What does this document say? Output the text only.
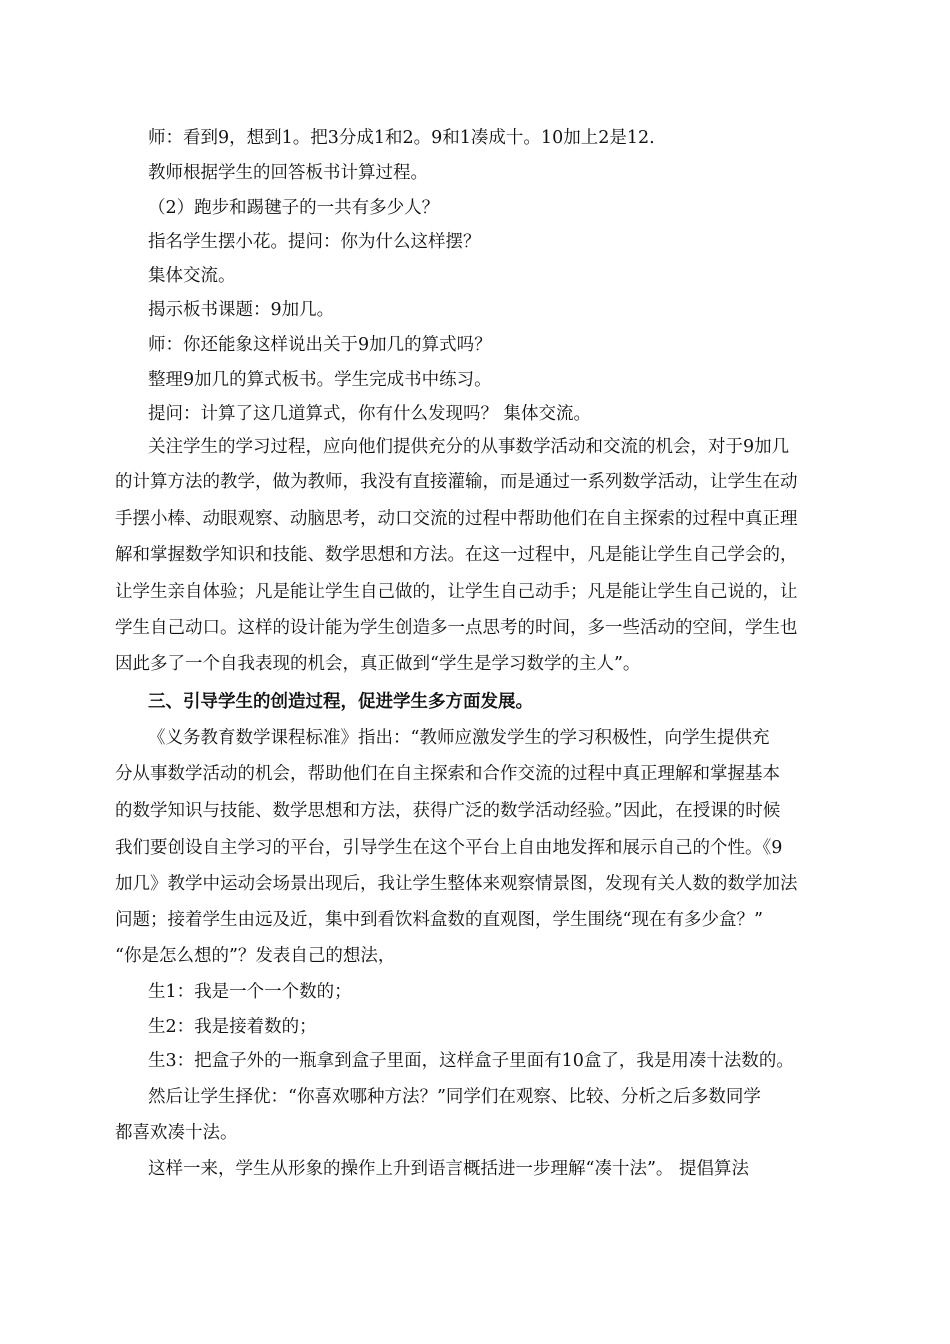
师：看到9，想到1。把3分成1和2。9和1凑成十。10加上2是12.
教师根据学生的回答板书计算过程。
（2）跑步和踢毽子的一共有多少人？
指名学生摆小花。提问：你为什么这样摆？
集体交流。
揭示板书课题：9加几。
师：你还能象这样说出关于9加几的算式吗？
整理9加几的算式板书。学生完成书中练习。
提问：计算了这几道算式，你有什么发现吗？ 集体交流。
关注学生的学习过程，应向他们提供充分的从事数学活动和交流的机会，对于9加几
的计算方法的教学，做为教师，我没有直接灌输，而是通过一系列数学活动，让学生在动
手摆小棒、动眼观察、动脑思考，动口交流的过程中帮助他们在自主探索的过程中真正理
解和掌握数学知识和技能、数学思想和方法。在这一过程中，凡是能让学生自己学会的，
让学生亲自体验；凡是能让学生自己做的，让学生自己动手；凡是能让学生自己说的，让
学生自己动口。这样的设计能为学生创造多一点思考的时间，多一些活动的空间，学生也
因此多了一个自我表现的机会，真正做到“学生是学习数学的主人”。
三、引导学生的创造过程，促进学生多方面发展。
《义务教育数学课程标准》指出：“教师应激发学生的学习积极性，向学生提供充
分从事数学活动的机会，帮助他们在自主探索和合作交流的过程中真正理解和掌握基本
的数学知识与技能、数学思想和方法，获得广泛的数学活动经验。”因此，在授课的时候
我们要创设自主学习的平台，引导学生在这个平台上自由地发挥和展示自己的个性。《9
加几》教学中运动会场景出现后，我让学生整体来观察情景图，发现有关人数的数学加法
问题；接着学生由远及近，集中到看饮料盒数的直观图，学生围绕“现在有多少盒？”
“你是怎么想的”？发表自己的想法，
生1：我是一个一个数的；
生2：我是接着数的；
生3：把盒子外的一瓶拿到盒子里面，这样盒子里面有10盒了，我是用凑十法数的。
然后让学生择优：“你喜欢哪种方法？”同学们在观察、比较、分析之后多数同学
都喜欢凑十法。
这样一来，学生从形象的操作上升到语言概括进一步理解“凑十法”。 提倡算法
